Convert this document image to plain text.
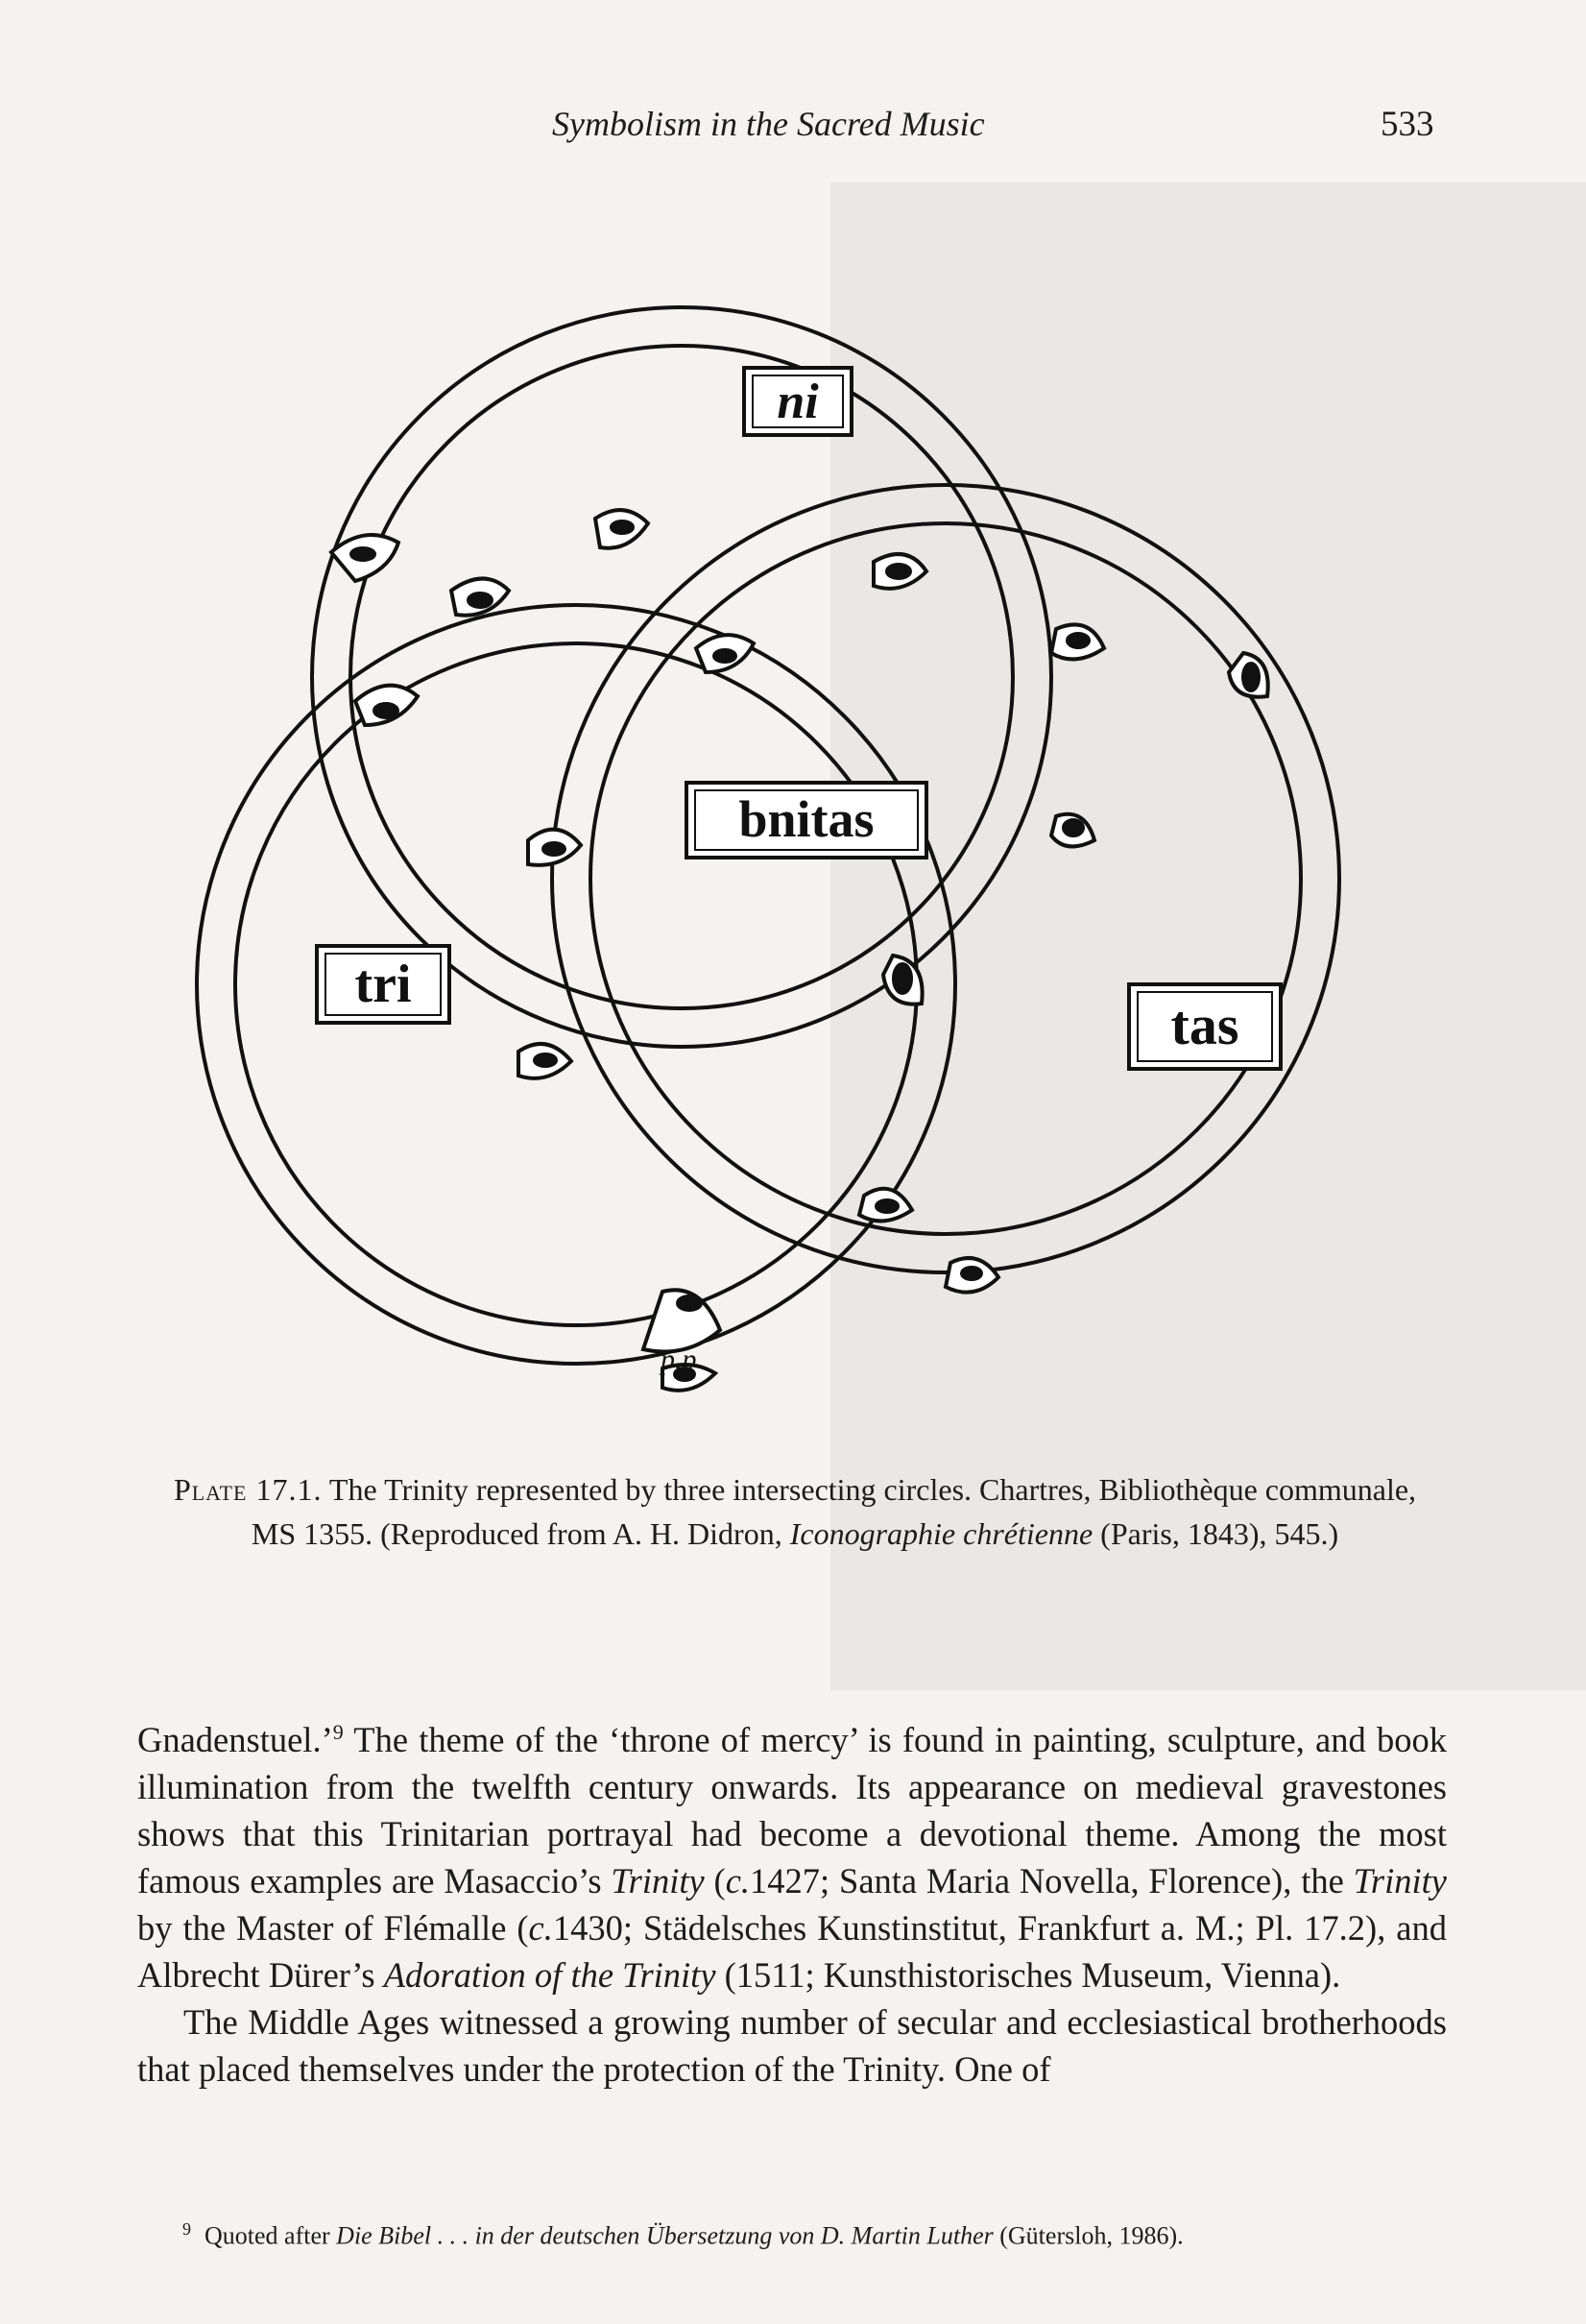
Symbolism in the Sacred Music	533
ni
bnitas
tri
tas
p.p
Plate 17.1. The Trinity represented by three intersecting circles. Chartres, Bibliothèque communale, MS 1355. (Reproduced from A. H. Didron, Iconographie chrétienne (Paris, 1843), 545.)

Gnadenstuel.’$^9$ The theme of the ‘throne of mercy’ is found in painting, sculpture, and book illumination from the twelfth century onwards. Its appearance on medieval gravestones shows that this Trinitarian portrayal had become a devotional theme. Among the most famous examples are Masaccio’s Trinity (c.1427; Santa Maria Novella, Florence), the Trinity by the Master of Flémalle (c.1430; Städelsches Kunstinstitut, Frankfurt a. M.; Pl. 17.2), and Albrecht Dürer’s Adoration of the Trinity (1511; Kunsthistorisches Museum, Vienna).

The Middle Ages witnessed a growing number of secular and ecclesiastical brotherhoods that placed themselves under the protection of the Trinity. One of

$^9$ Quoted after Die Bibel . . . in der deutschen Übersetzung von D. Martin Luther (Gütersloh, 1986).
